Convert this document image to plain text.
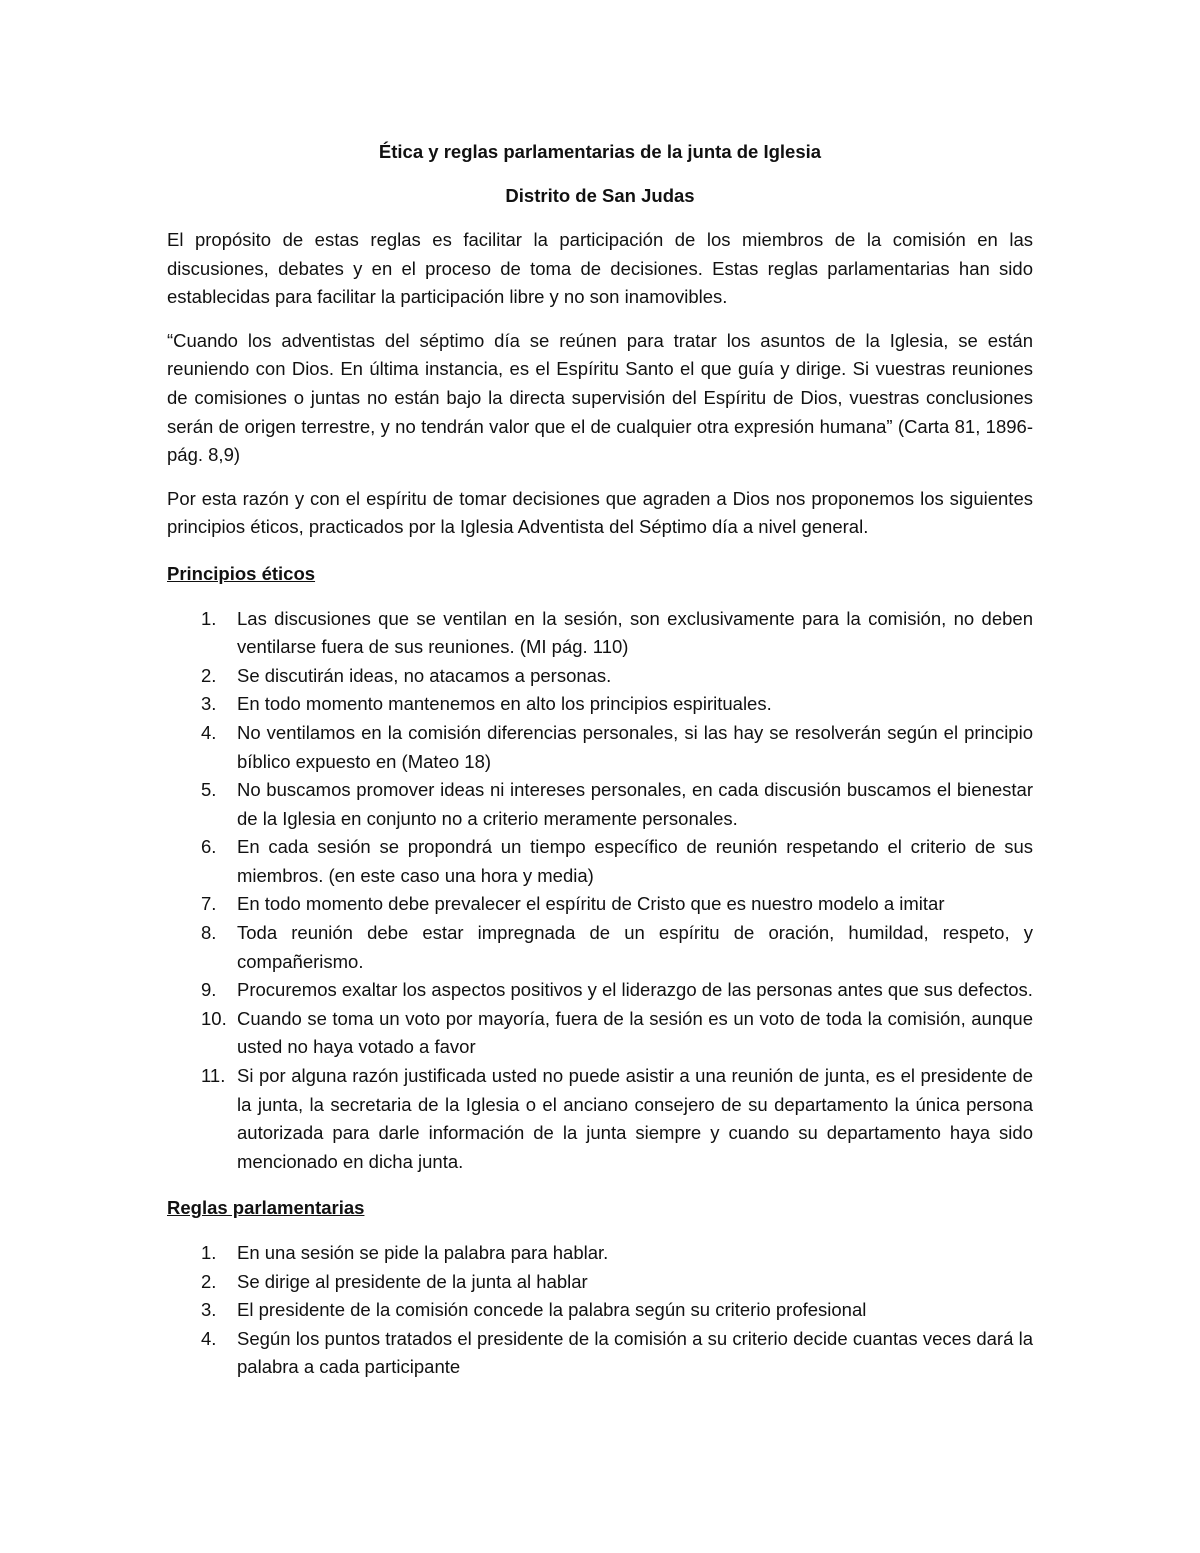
Ética y reglas parlamentarias de la junta de Iglesia
Distrito de San Judas

El propósito de estas reglas es facilitar la participación de los miembros de la comisión en las discusiones, debates y en el proceso de toma de decisiones. Estas reglas parlamentarias han sido establecidas para facilitar la participación libre y no son inamovibles.

“Cuando los adventistas del séptimo día se reúnen para tratar los asuntos de la Iglesia, se están reuniendo con Dios. En última instancia, es el Espíritu Santo el que guía y dirige. Si vuestras reuniones de comisiones o juntas no están bajo la directa supervisión del Espíritu de Dios, vuestras conclusiones serán de origen terrestre, y no tendrán valor que el de cualquier otra expresión humana” (Carta 81, 1896- pág. 8,9)

Por esta razón y con el espíritu de tomar decisiones que agraden a Dios nos proponemos los siguientes principios éticos, practicados por la Iglesia Adventista del Séptimo día a nivel general.

Principios éticos
1.	Las discusiones que se ventilan en la sesión, son exclusivamente para la comisión, no deben ventilarse fuera de sus reuniones. (MI pág. 110)
2.	Se discutirán ideas, no atacamos a personas.
3.	En todo momento mantenemos en alto los principios espirituales.
4.	No ventilamos en la comisión diferencias personales, si las hay se resolverán según el principio bíblico expuesto en (Mateo 18)
5.	No buscamos promover ideas ni intereses personales, en cada discusión buscamos el bienestar de la Iglesia en conjunto no a criterio meramente personales.
6.	En cada sesión se propondrá un tiempo específico de reunión respetando el criterio de sus miembros. (en este caso una hora y media)
7.	En todo momento debe prevalecer el espíritu de Cristo que es nuestro modelo a imitar
8.	Toda reunión debe estar impregnada de un espíritu de oración, humildad, respeto, y compañerismo.
9.	Procuremos exaltar los aspectos positivos y el liderazgo de las personas antes que sus defectos.
10. Cuando se toma un voto por mayoría, fuera de la sesión es un voto de toda la comisión, aunque usted no haya votado a favor
11. Si por alguna razón justificada usted no puede asistir a una reunión de junta, es el presidente de la junta, la secretaria de la Iglesia o el anciano consejero de su departamento la única persona autorizada para darle información de la junta siempre y cuando su departamento haya sido mencionado en dicha junta.
Reglas parlamentarias
1.	En una sesión se pide la palabra para hablar.
2.	Se dirige al presidente de la junta al hablar
3.	El presidente de la comisión concede la palabra según su criterio profesional
4.	Según los puntos tratados el presidente de la comisión a su criterio decide cuantas veces dará la palabra a cada participante
